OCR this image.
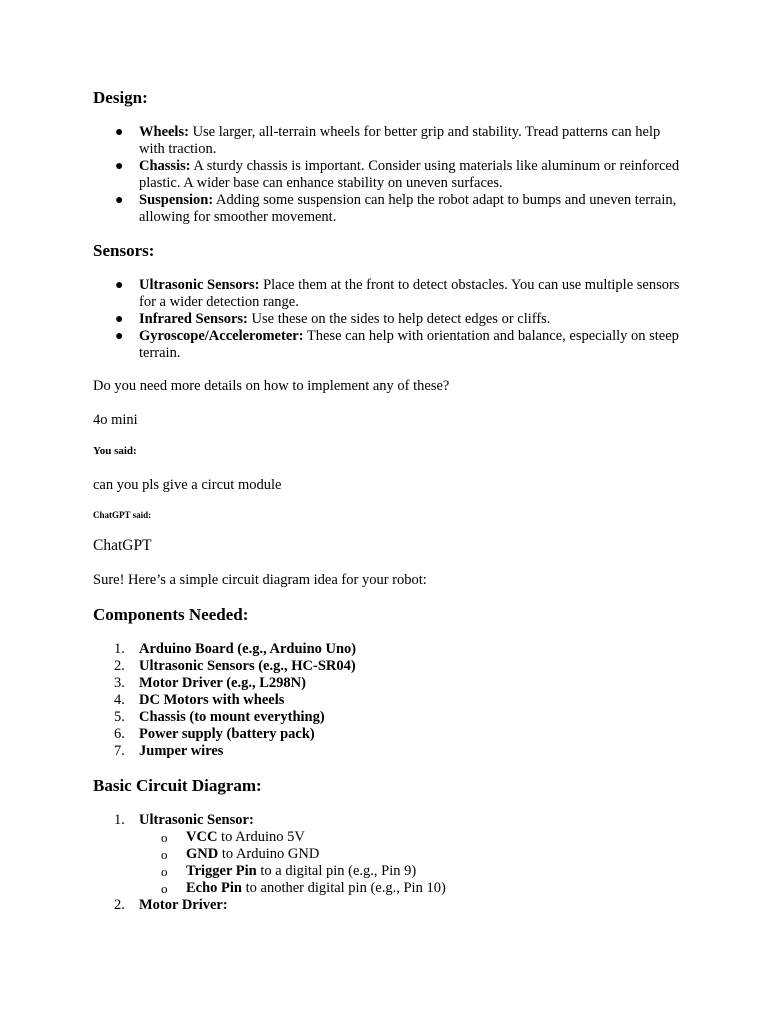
Design:
● Wheels: Use larger, all-terrain wheels for better grip and stability. Tread patterns can help with traction.
● Chassis: A sturdy chassis is important. Consider using materials like aluminum or reinforced plastic. A wider base can enhance stability on uneven surfaces.
● Suspension: Adding some suspension can help the robot adapt to bumps and uneven terrain, allowing for smoother movement.
Sensors:
● Ultrasonic Sensors: Place them at the front to detect obstacles. You can use multiple sensors for a wider detection range.
● Infrared Sensors: Use these on the sides to help detect edges or cliffs.
● Gyroscope/Accelerometer: These can help with orientation and balance, especially on steep terrain.
Do you need more details on how to implement any of these?
4o mini
You said:
can you pls give a circut module
ChatGPT said:
ChatGPT
Sure! Here’s a simple circuit diagram idea for your robot:
Components Needed:
1. Arduino Board (e.g., Arduino Uno)
2. Ultrasonic Sensors (e.g., HC-SR04)
3. Motor Driver (e.g., L298N)
4. DC Motors with wheels
5. Chassis (to mount everything)
6. Power supply (battery pack)
7. Jumper wires
Basic Circuit Diagram:
1. Ultrasonic Sensor:
o VCC to Arduino 5V
o GND to Arduino GND
o Trigger Pin to a digital pin (e.g., Pin 9)
o Echo Pin to another digital pin (e.g., Pin 10)
2. Motor Driver:
